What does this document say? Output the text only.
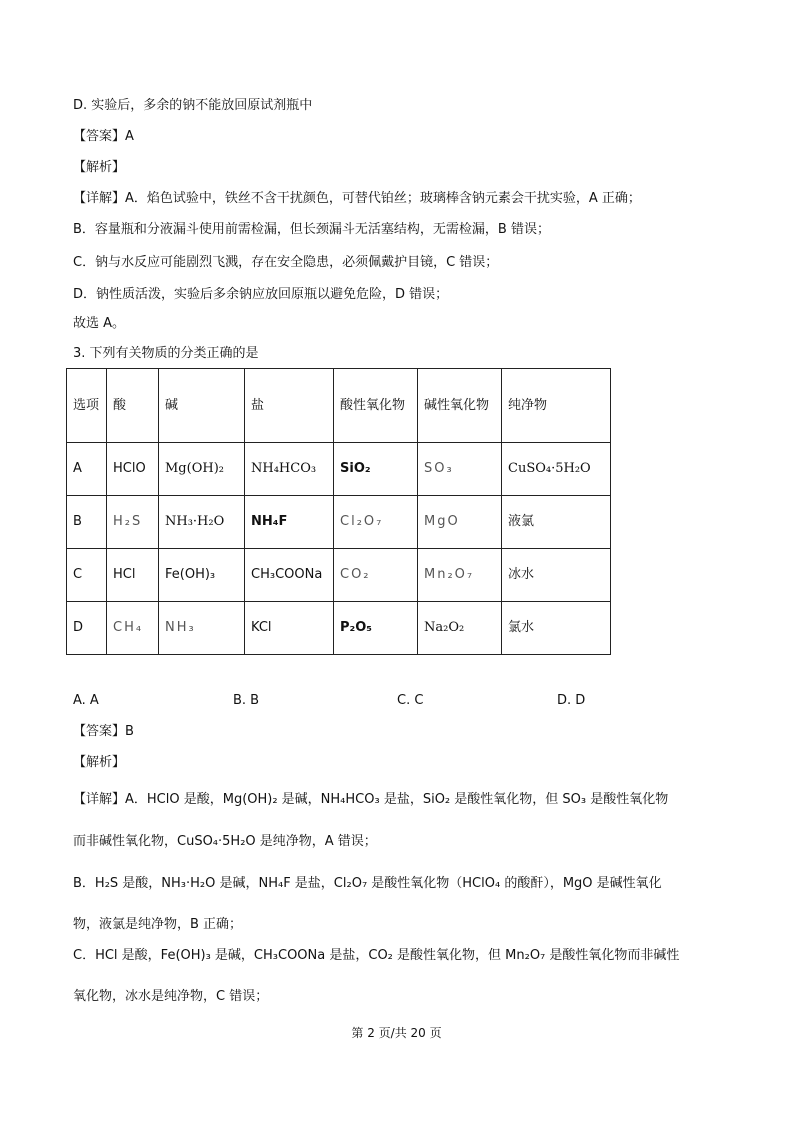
D. 实验后，多余的钠不能放回原试剂瓶中
【答案】A
【解析】
【详解】A．焰色试验中，铁丝不含干扰颜色，可替代铂丝；玻璃棒含钠元素会干扰实验，A 正确；
B．容量瓶和分液漏斗使用前需检漏，但长颈漏斗无活塞结构，无需检漏，B 错误；
C．钠与水反应可能剧烈飞溅，存在安全隐患，必须佩戴护目镜，C 错误；
D．钠性质活泼，实验后多余钠应放回原瓶以避免危险，D 错误；
故选 A。
3. 下列有关物质的分类正确的是
选项	酸	碱	盐	酸性氧化物	碱性氧化物	纯净物
A	HClO	Mg(OH)₂	NH₄HCO₃	SiO₂	SO₃	CuSO₄·5H₂O
B	H₂S	NH₃·H₂O	NH₄F	Cl₂O₇	MgO	液氯
C	HCl	Fe(OH)₃	CH₃COONa	CO₂	Mn₂O₇	冰水
D	CH₄	NH₃	KCl	P₂O₅	Na₂O₂	氯水
A. A	B. B	C. C	D. D
【答案】B
【解析】
【详解】A．HClO 是酸，Mg(OH)₂ 是碱，NH₄HCO₃ 是盐，SiO₂ 是酸性氧化物，但 SO₃ 是酸性氧化物
而非碱性氧化物，CuSO₄·5H₂O 是纯净物，A 错误；
B．H₂S 是酸，NH₃·H₂O 是碱，NH₄F 是盐，Cl₂O₇ 是酸性氧化物（HClO₄ 的酸酐），MgO 是碱性氧化
物，液氯是纯净物，B 正确；
C．HCl 是酸，Fe(OH)₃ 是碱，CH₃COONa 是盐，CO₂ 是酸性氧化物，但 Mn₂O₇ 是酸性氧化物而非碱性
氧化物，冰水是纯净物，C 错误；
第 2 页/共 20 页
